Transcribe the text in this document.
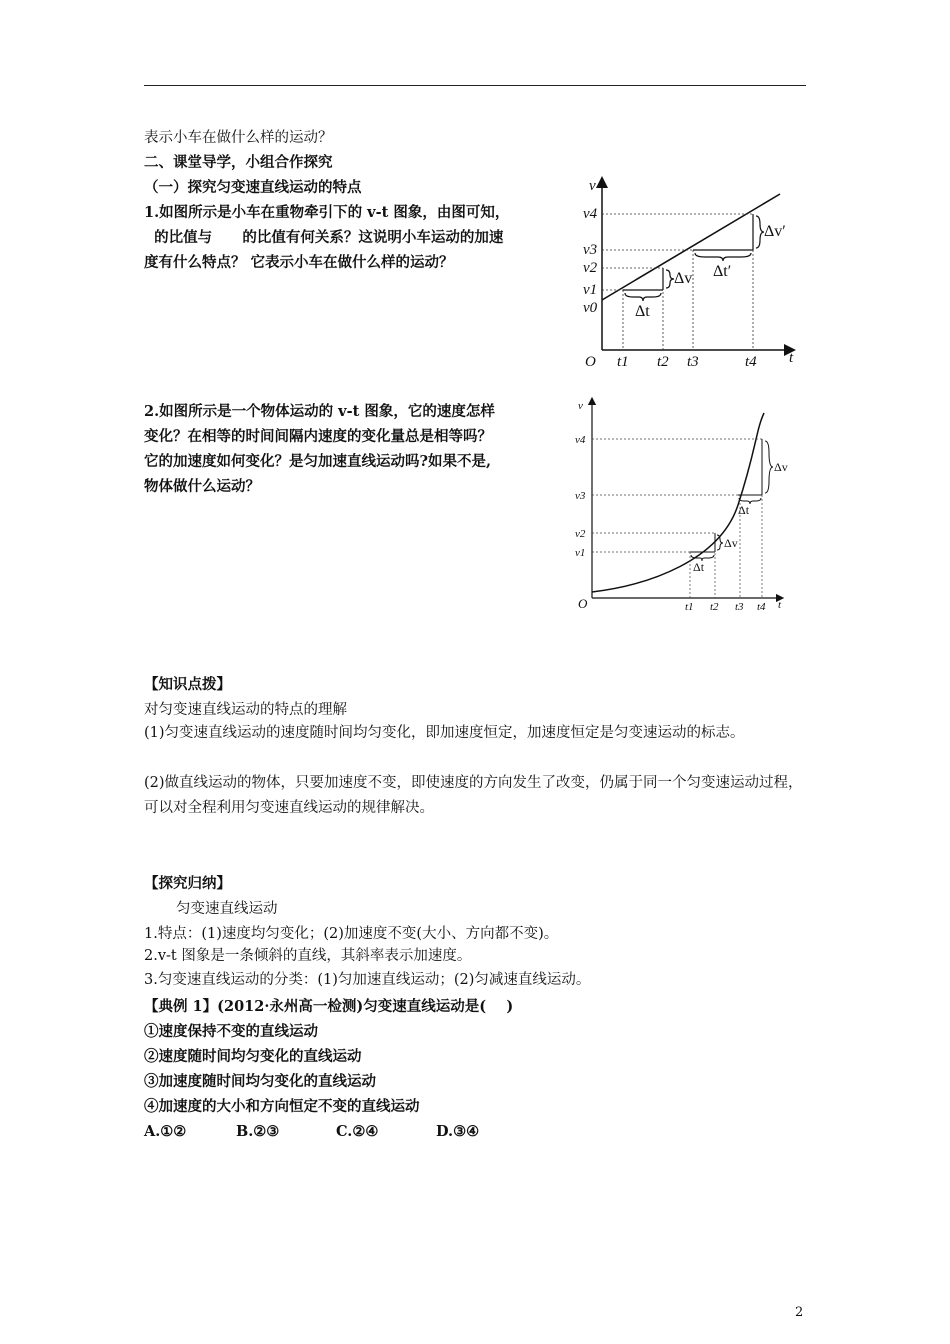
表示小车在做什么样的运动？
二、课堂导学，小组合作探究
（一）探究匀变速直线运动的特点
1.如图所示是小车在重物牵引下的 v-t 图象，由图可知，
的比值与      的比值有何关系？这说明小车运动的加速
度有什么特点？ 它表示小车在做什么样的运动？
v
t
O
v4
v3
v2
v1
v0
t1 t2 t3	t4
Δt
Δv Δt′
Δv′
2.如图所示是一个物体运动的 v-t 图象，它的速度怎样
变化？在相等的时间间隔内速度的变化量总是相等吗？
它的加速度如何变化？是匀加速直线运动吗?如果不是,
物体做什么运动？
v
t
O
v4
v3
v2
v1
t1 t2 t3 t4
Δt
Δv
Δt
Δv
【知识点拨】
对匀变速直线运动的特点的理解
(1)匀变速直线运动的速度随时间均匀变化，即加速度恒定，加速度恒定是匀变速运动的标志。
(2)做直线运动的物体，只要加速度不变，即使速度的方向发生了改变，仍属于同一个匀变速运动过程，可以对全程利用匀变速直线运动的规律解决。
【探究归纳】
匀变速直线运动
1.特点：(1)速度均匀变化；(2)加速度不变(大小、方向都不变)。
2.v-t 图象是一条倾斜的直线，其斜率表示加速度。
3.匀变速直线运动的分类：(1)匀加速直线运动；(2)匀减速直线运动。
【典例 1】(2012·永州高一检测)匀变速直线运动是(    )
①速度保持不变的直线运动
②速度随时间均匀变化的直线运动
③加速度随时间均匀变化的直线运动
④加速度的大小和方向恒定不变的直线运动
A.①②	B.②③	C.②④	D.③④
2
